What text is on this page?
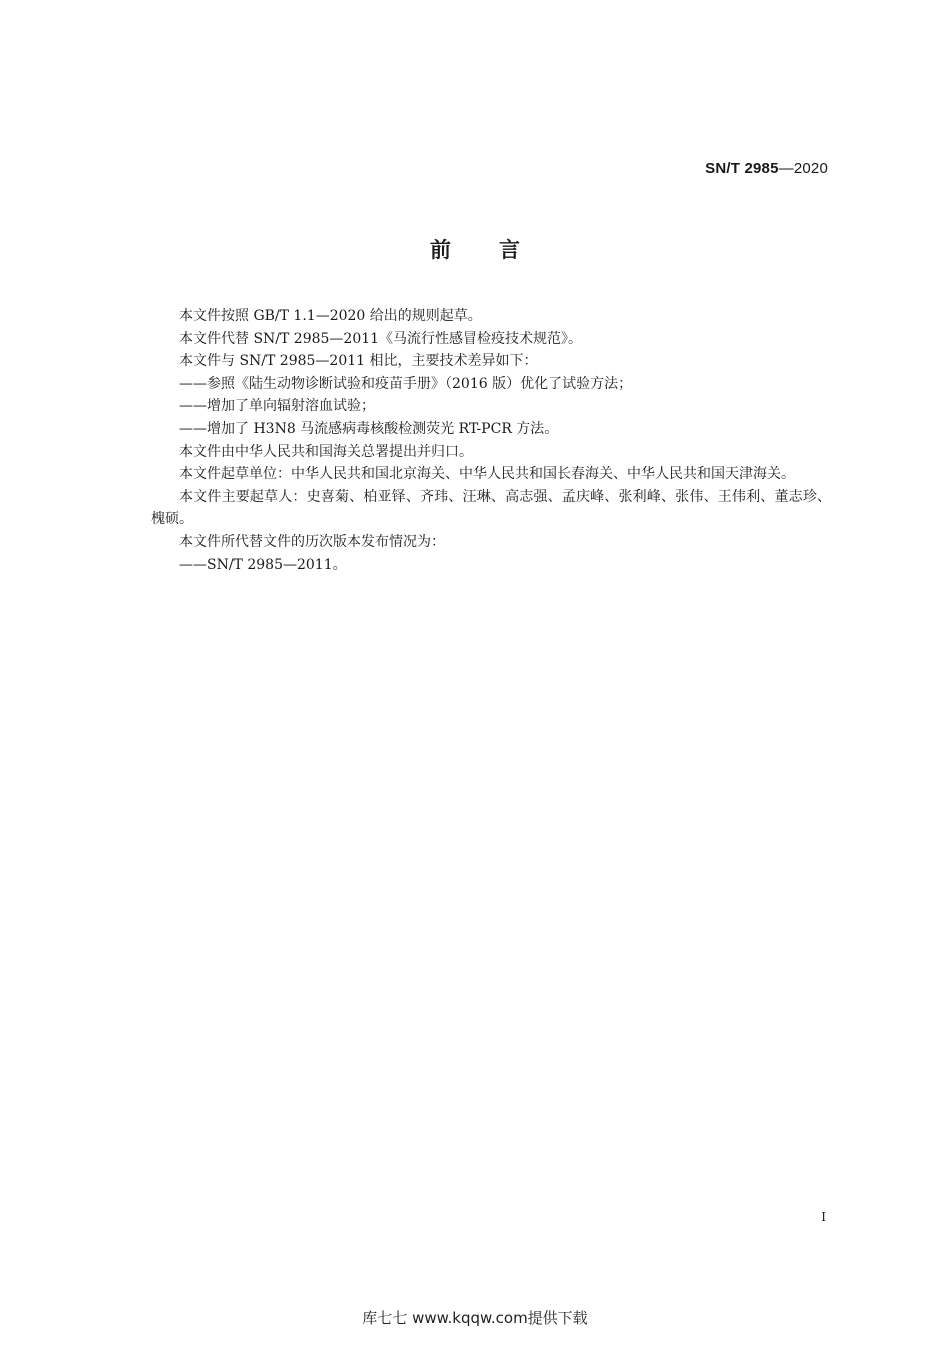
SN/T 2985—2020
前言

本文件按照 GB/T 1.1—2020 给出的规则起草。

本文件代替 SN/T 2985—2011《马流行性感冒检疫技术规范》。

本文件与 SN/T 2985—2011 相比，主要技术差异如下：

——参照《陆生动物诊断试验和疫苗手册》（2016 版）优化了试验方法；

——增加了单向辐射溶血试验；

——增加了 H3N8 马流感病毒核酸检测荧光 RT-PCR 方法。

本文件由中华人民共和国海关总署提出并归口。

本文件起草单位：中华人民共和国北京海关、中华人民共和国长春海关、中华人民共和国天津海关。

本文件主要起草人：史喜菊、柏亚铎、齐玮、汪琳、高志强、孟庆峰、张利峰、张伟、王伟利、董志珍、槐硕。

本文件所代替文件的历次版本发布情况为：

——SN/T 2985—2011。

I
库七七 www.kqqw.com提供下载
